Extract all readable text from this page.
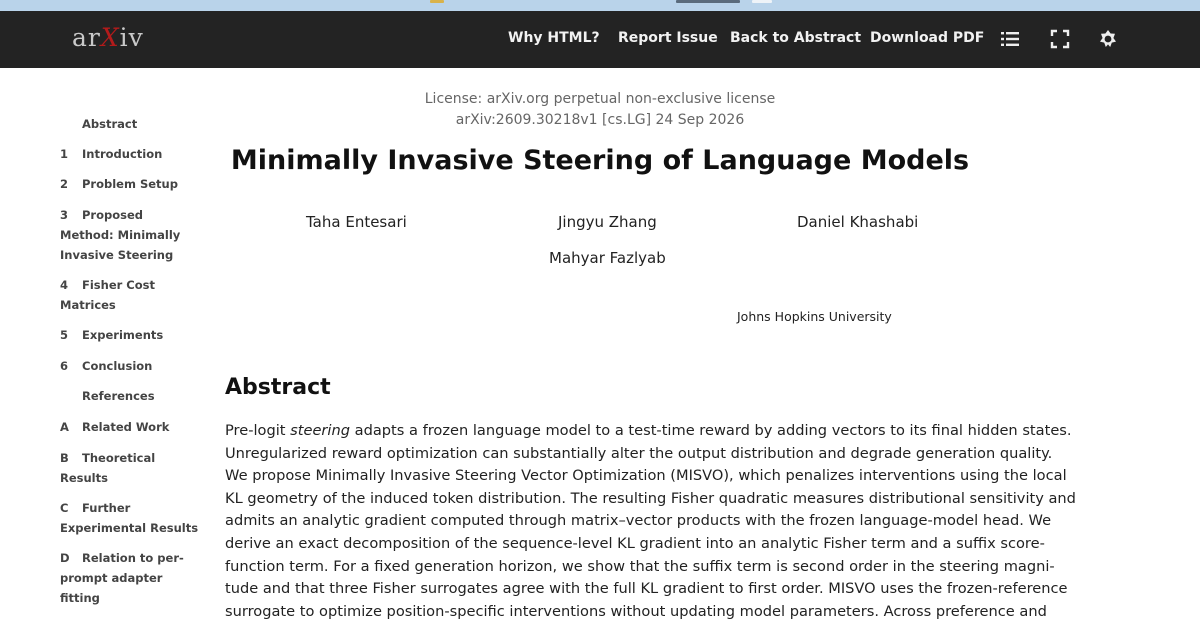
arXiv	Why HTML? Report Issue Back to Abstract Download PDF
Abstract
1	Introduction
2	Problem Setup
3	Proposed Method: Minimally Invasive Steering
4	Fisher Cost Matrices
5	Experiments
6	Conclusion
References
A	Related Work
B	Theoretical Results
C	Further Experimental Results
D	Relation to per-prompt adapter fitting
License: arXiv.org perpetual non-exclusive license
arXiv:2609.30218v1 [cs.LG] 24 Sep 2026
Minimally Invasive Steering of Language Models
Taha Entesari	Jingyu Zhang	Daniel Khashabi
Mahyar Fazlyab
Johns Hopkins University
Abstract
Pre-logit steering adapts a frozen language model to a test-time reward by adding vectors to its final hidden states.
Unregularized reward optimization can substantially alter the output distribution and degrade generation quality.
We propose Minimally Invasive Steering Vector Optimization (MISVO), which penalizes interventions using the local
KL geometry of the induced token distribution. The resulting Fisher quadratic measures distributional sensitivity and
admits an analytic gradient computed through matrix–vector products with the frozen language-model head. We
derive an exact decomposition of the sequence-level KL gradient into an analytic Fisher term and a suffix score-
function term. For a fixed generation horizon, we show that the suffix term is second order in the steering magni-
tude and that three Fisher surrogates agree with the full KL gradient to first order. MISVO uses the frozen-reference
surrogate to optimize position-specific interventions without updating model parameters. Across preference and
